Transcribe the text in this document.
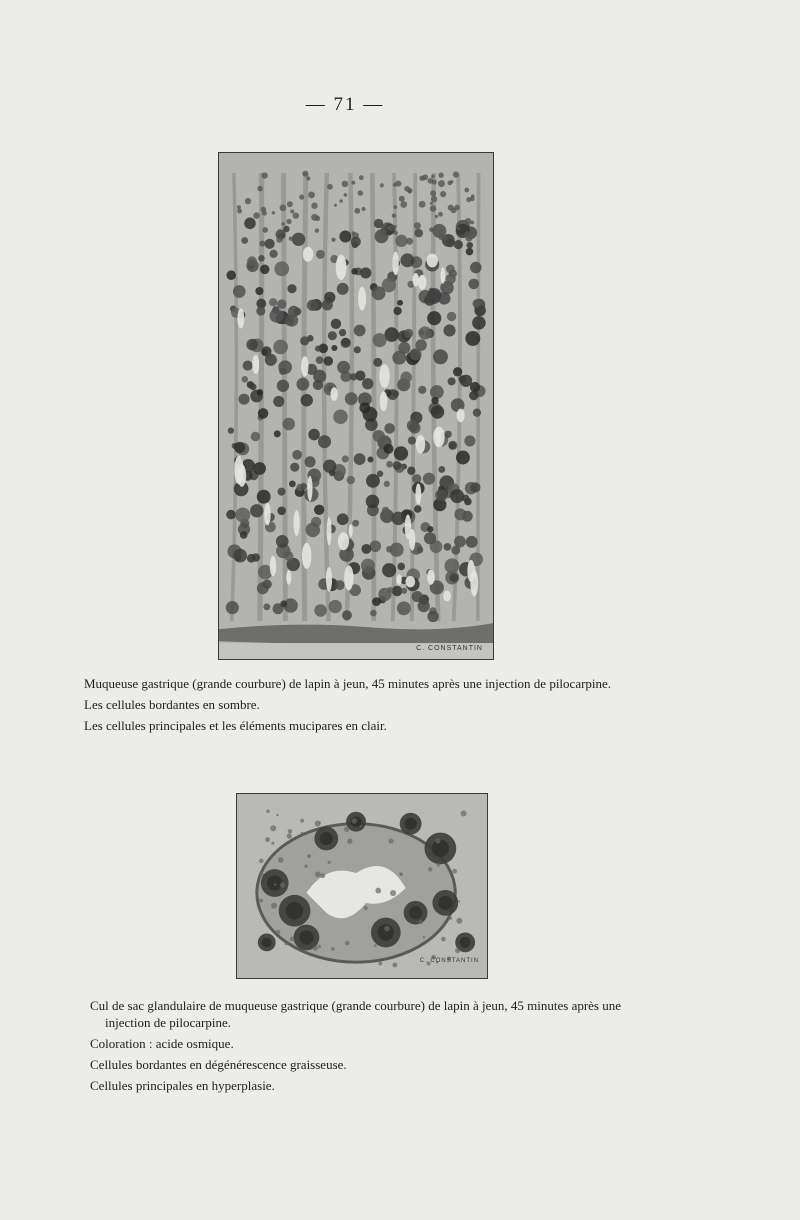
— 71 —
C. CONSTANTIN

Muqueuse gastrique (grande courbure) de lapin à jeun, 45 minutes après une injection de pilocarpine.

Les cellules bordantes en sombre.

Les cellules principales et les éléments mucipares en clair.

C. CONSTANTIN

Cul de sac glandulaire de muqueuse gastrique (grande courbure) de lapin à jeun, 45 minutes après une injection de pilocarpine.

Coloration : acide osmique.

Cellules bordantes en dégénérescence graisseuse.

Cellules principales en hyperplasie.
